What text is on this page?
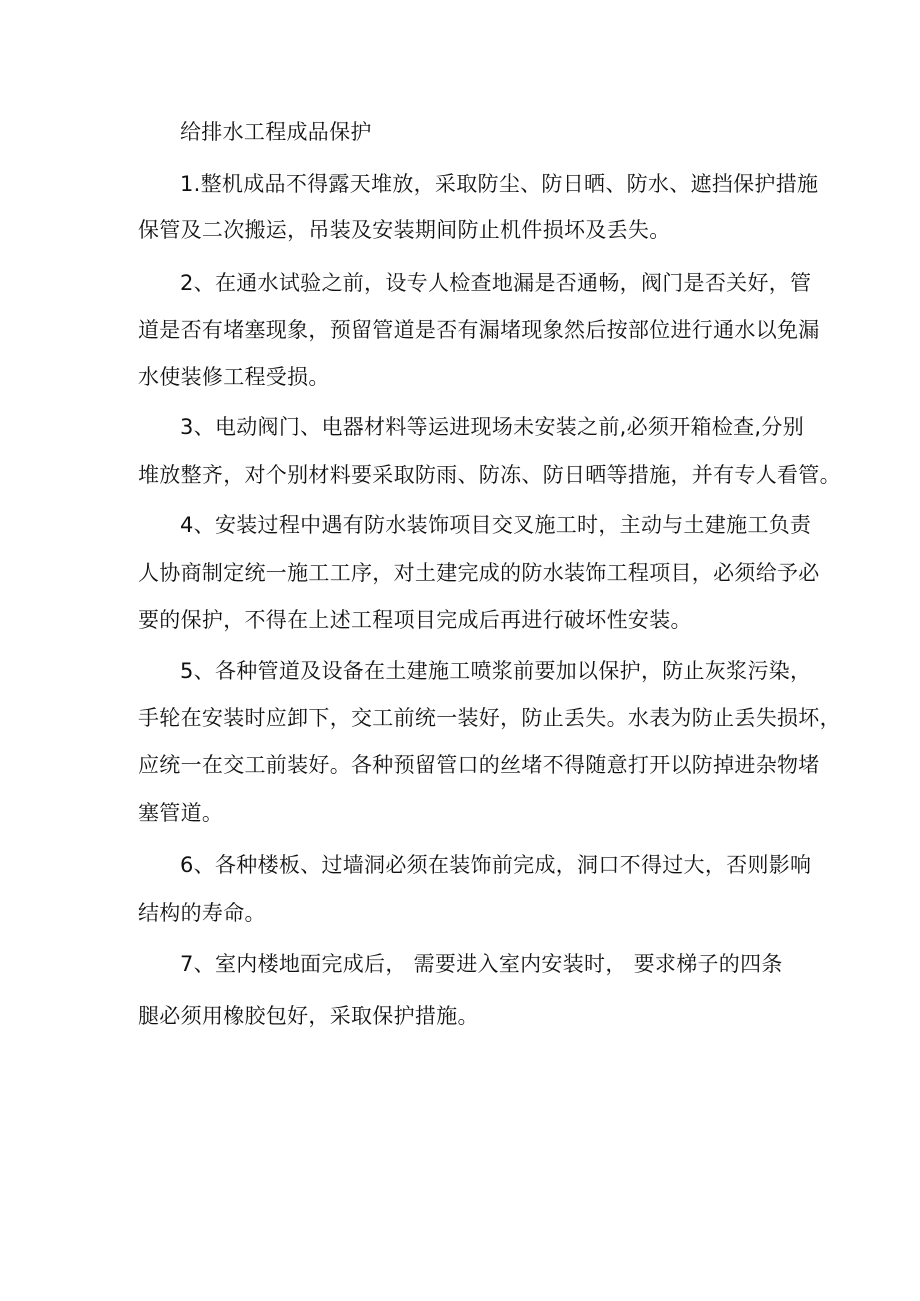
给排水工程成品保护
1.整机成品不得露天堆放，采取防尘、防日晒、防水、遮挡保护措施
保管及二次搬运，吊装及安装期间防止机件损坏及丢失。
2、在通水试验之前，设专人检查地漏是否通畅，阀门是否关好，管
道是否有堵塞现象，预留管道是否有漏堵现象然后按部位进行通水以免漏
水使装修工程受损。
3、电动阀门、电器材料等运进现场未安装之前,必须开箱检查,分别
堆放整齐，对个别材料要采取防雨、防冻、防日晒等措施，并有专人看管。
4、安装过程中遇有防水装饰项目交叉施工时，主动与土建施工负责
人协商制定统一施工工序，对土建完成的防水装饰工程项目，必须给予必
要的保护，不得在上述工程项目完成后再进行破坏性安装。
5、各种管道及设备在土建施工喷浆前要加以保护，防止灰浆污染，
手轮在安装时应卸下，交工前统一装好，防止丢失。水表为防止丢失损坏，
应统一在交工前装好。各种预留管口的丝堵不得随意打开以防掉进杂物堵
塞管道。
6、各种楼板、过墙洞必须在装饰前完成，洞口不得过大，否则影响
结构的寿命。
7、室内楼地面完成后， 需要进入室内安装时， 要求梯子的四条
腿必须用橡胶包好，采取保护措施。
